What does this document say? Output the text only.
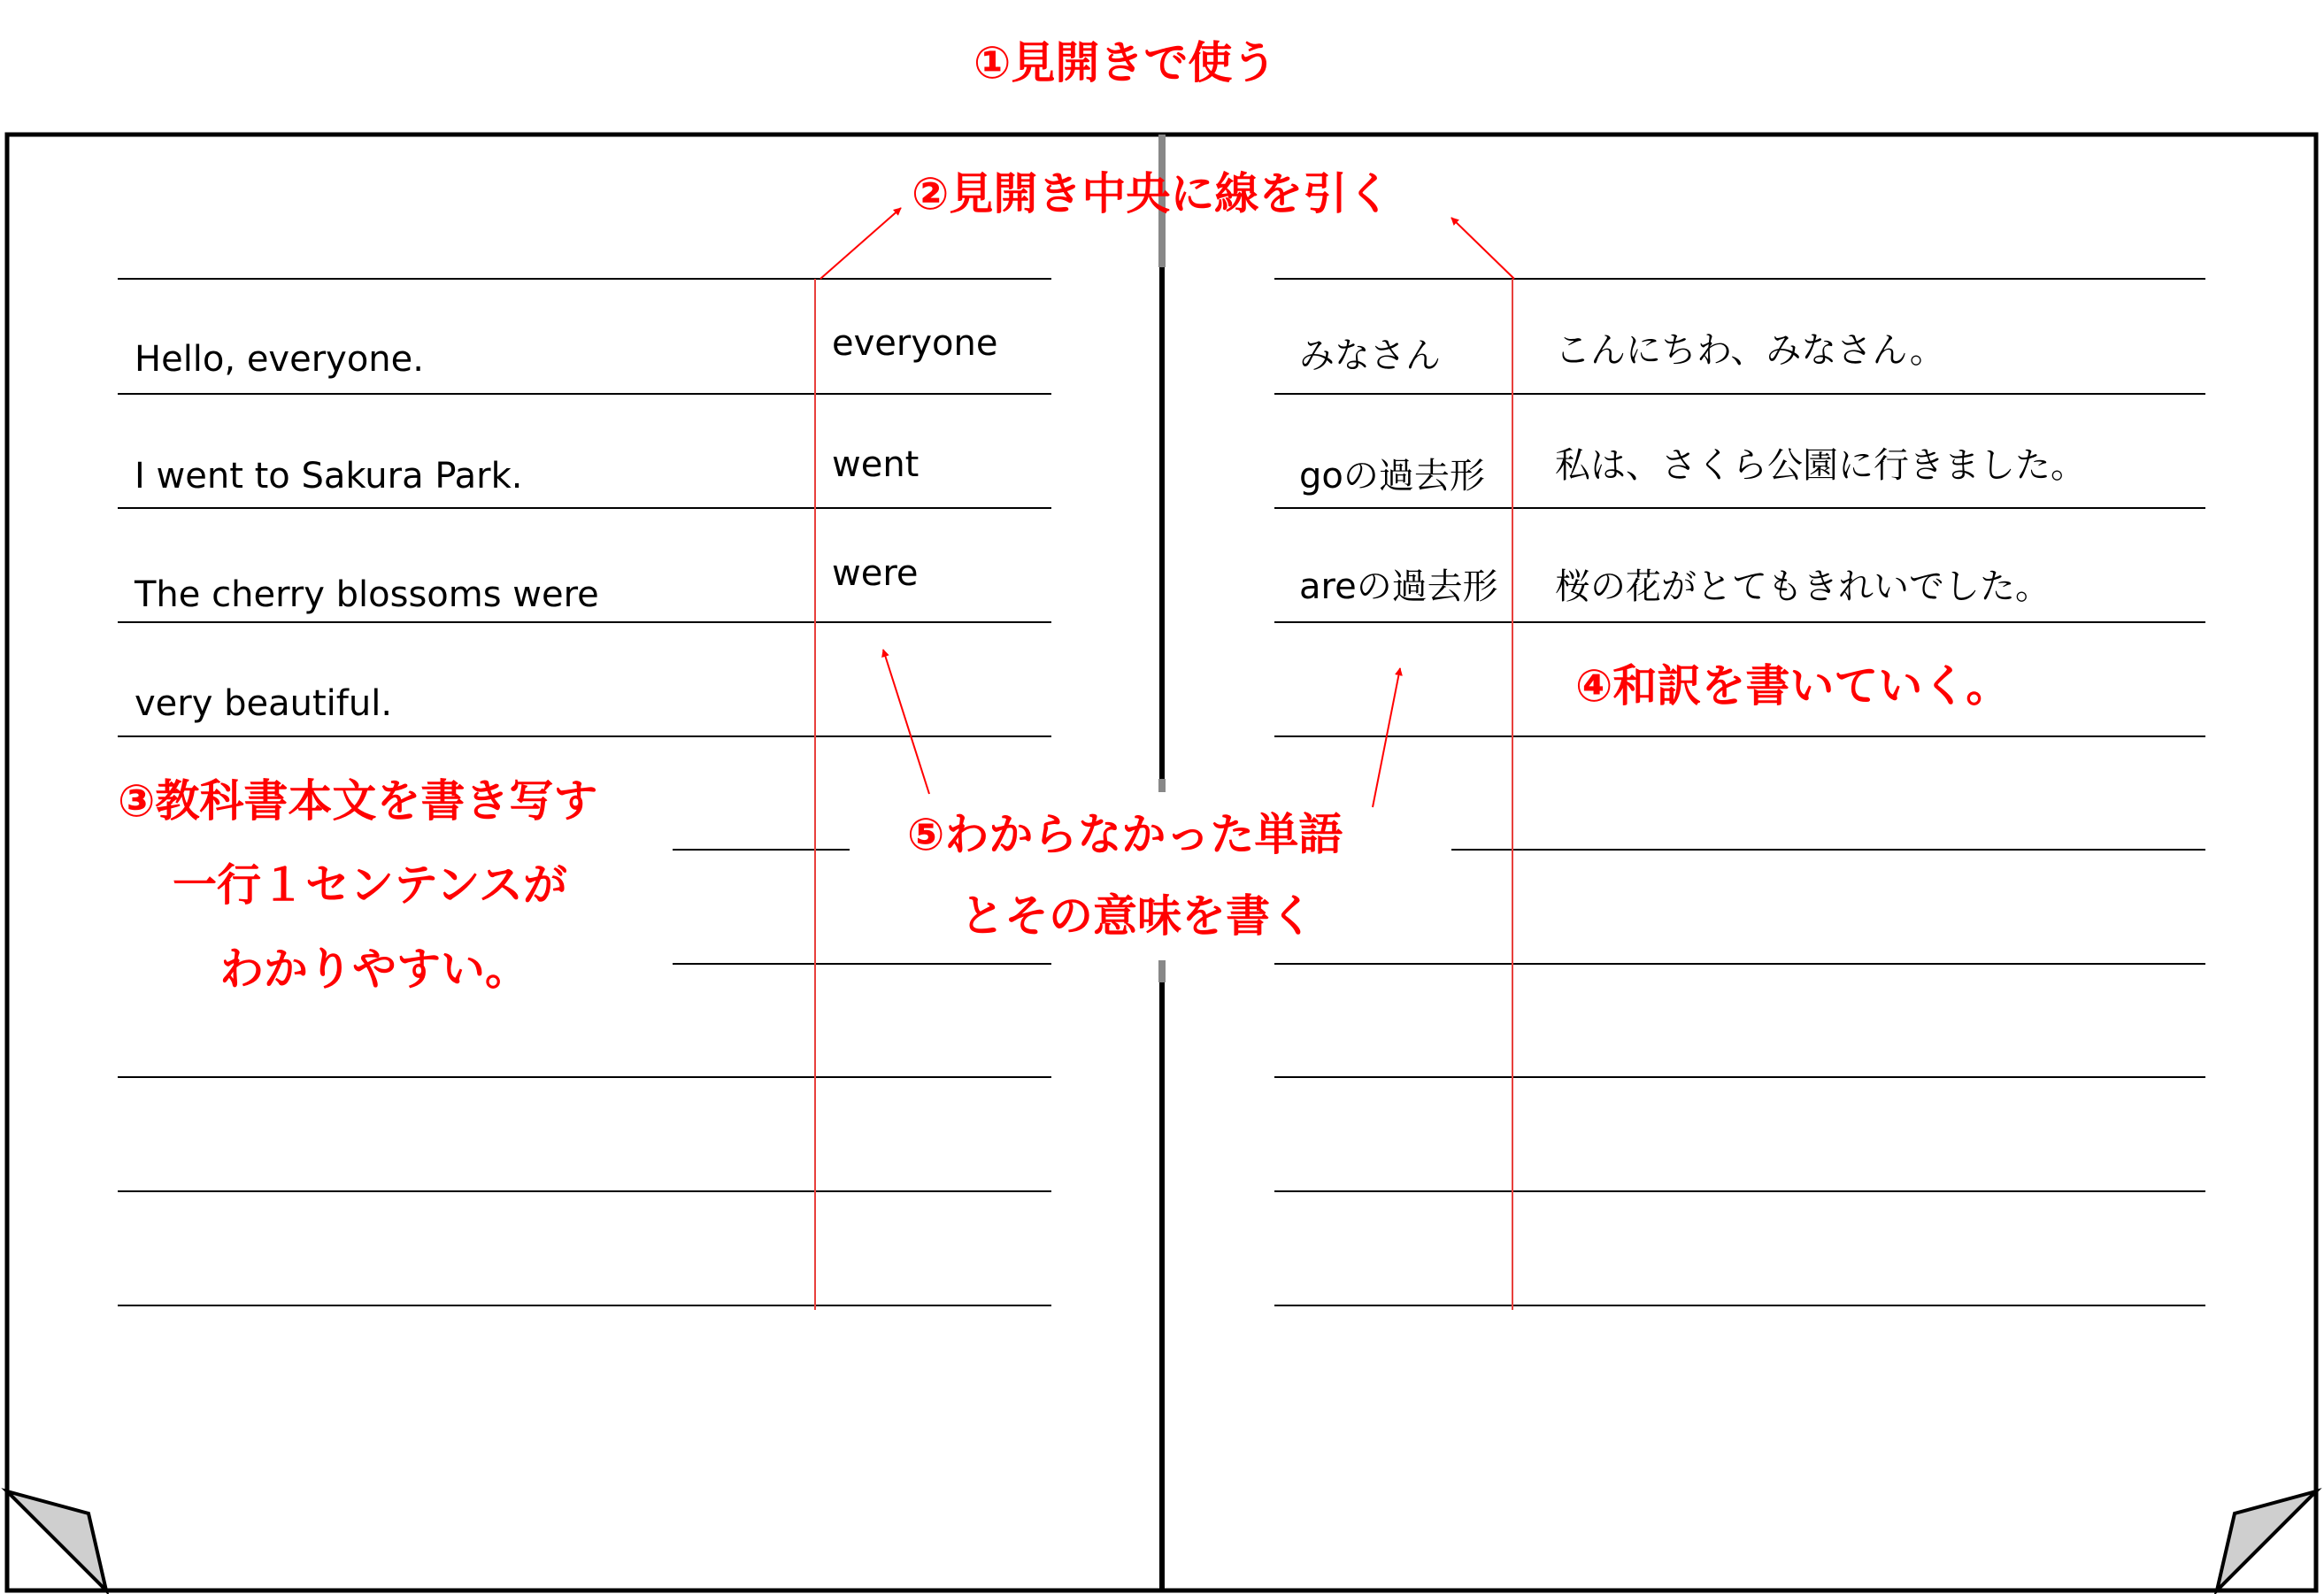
①見開きで使う
②見開き中央に線を引く
③教科書本文を書き写す
一行１センテンスが
わかりやすい。
④和訳を書いていく。
⑤わからなかった単語
とその意味を書く
Hello, everyone.
I went to Sakura Park.
The cherry blossoms were
very beautiful.
everyone
went
were
みなさん
goの過去形
areの過去形
こんにちわ、みなさん。
私は、さくら公園に行きました。
桜の花がとてもきれいでした。
